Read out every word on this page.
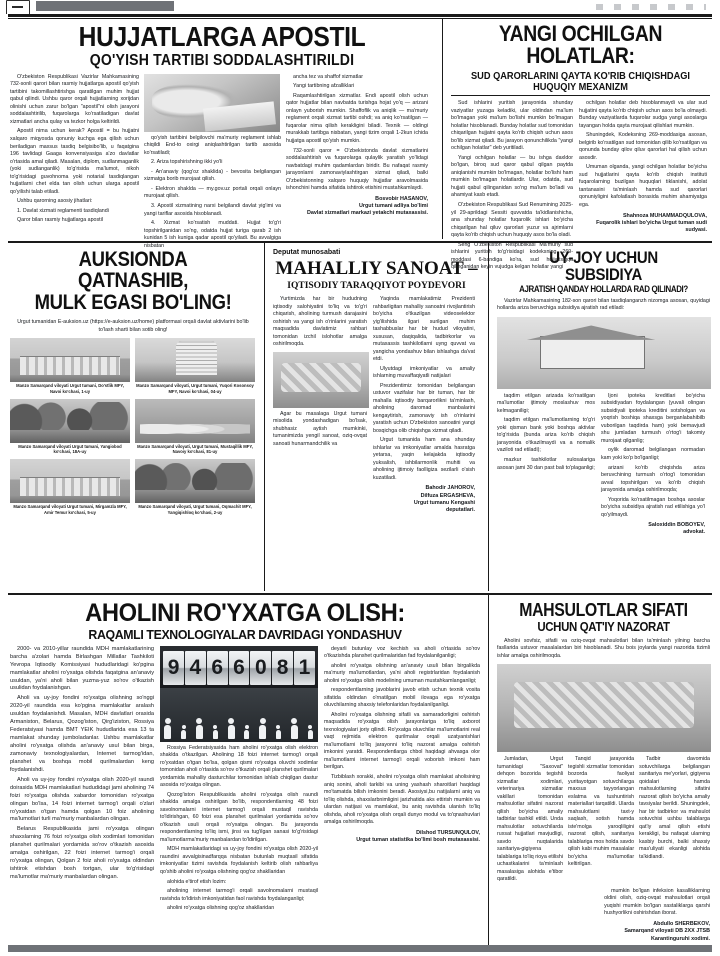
HUJJATLARGA APOSTIL
QO'YISH TARTIBI SODDALASHTIRILDI

O'zbekiston Respublikasi Vazirlar Mahkamasining 732-sonli qarori bilan rasmiy hujjatlarga apostil qo'yish tartibini takomillashtirishga qaratilgan muhim hujjat qabul qilindi. Ushbu qaror orqali hujjatlarning xorijdan olinishi uchun zarur bo'lgan "apostil"ni olish jarayoni soddalashtirilib, fuqarolarga ko'rsatiladigan davlat xizmatlari ancha qulay va tezkor holga keltirildi.

Apostil nima uchun kerak? Apostil = bu hujjatni xalqaro miqyosda qonuniy kuchga ega qilish uchun beriladigan maxsus tasdiq belgisibo'lib, u faqatgina 196 tavlidagi Gaaga konvensiyasiga a'zo davlatlar o'rtasida amal qiladi. Masalan, diplom, sudlanmaganlik (yoki sudlanganlik) to'g'risida ma'lumot, nikoh to'g'risidagi guvohnoma yoki notarial tasdiqlangan hujjatlarni chet elda tan olish uchun ularga apostil qo'yilishi talab etiladi.

Ushbu qarorning asosiy jihatlari:

1. Davlat xizmati reglamenti tasdiqlandi

Qaror bilan rasmiy hujjatlarga apostil

qo'yish tartibini belgilovchi ma'muriy reglament ishlab chiqildi End-to oxirgi aniqlashtirilgan tartib asosida ko'rsatiladi;

2. Ariza topshirishning ikki yo'li

- An'anaviy (qog'oz shaklida) - bevosita belgilangan xizmatga borib murojaat qilish.

- Elektron shaklda — my.gov.uz portali orqali onlayn murojaat qilish.

3. Apostil xizmatining narxi belgilandi davlat yig'imi va yangi tariflar asosida hisoblanadi.

4. Xizmat ko'rsatish muddati. Hujjat to'g'ri topshirilganidan so'ng, odatda hujjat turiga qarab 2 ish kunidan 5 ish kuniga qadar apostil qo'yiladi. Bu avvalgiga nisbatan

ancha tez va shaffof xizmatlar

Yangi tartibning afzalliklari

Raqamlashtirilgan xizmatlar. Endi apostil olish uchun qator hujjatlar bilan navbatda turishga hojat yo'q — arizani onlayn yuborish mumkin. Shaffoflik va aniqlik — ma'muriy reglament orqali xizmat tartibi oshdi; va aniq ko'rsatilgan — fuqarolar nima qilish kerakligini biladi. Texnik — oldingi murakkab tartibga nisbatan, yangi tizim orqali 1-2kun ichida hujjatga apostil qo'yish mumkin.

732-sonli qaror = O'zbekistonda davlat xizmatlarini soddalashtirish va fuqarolarga qulaylik yaratish yo'lidagi navbatdagi muhim qadamlardan biridir. Bu nafaqat rasmiy jarayonlarni zamonaviylashtirgan xizmat qiladi, balki O'zbekistonning xalqaro huquqiy hujjatlar aravolmasida ishonchini hamda sifatida ishtirok etishini mustahkamlaydi.

Bosvobir HASANOV,
Urgut tumani adliya bo'limi
Davlat xizmatlari markazi yetakchi mutaxassisi.
YANGI OCHILGAN HOLATLAR:
SUD QARORLARINI QAYTA KO'RIB CHIQISHDAGI HUQUQIY MEXANIZM

Sud ishlarini yuritish jarayonida shunday vaziyatlar yuzaga keladiki, ular oldindan ma'lum bo'lmagan yoki ma'lum bo'lishi mumkin bo'lmagan holatlar hisoblanadi. Bunday holatlar sud tomonidan chiqarilgan hujjatni qayta ko'rib chiqish uchun asos bo'lib xizmat qiladi. Bu jarayon qonunchilikda "yangi ochilgan holatlar" deb yuritiladi.

Yangi ochilgan holatlar — bu ishga daxldor bo'lgan, biroq sud qaror qabul qilgan paytda aniqlanishi mumkin bo'lmagan, holatlar bo'lishi ham mumkin bo'lmagan holatlardir. Ular, odatda, sud hujjati qabul qilinganidan so'ng ma'lum bo'ladi va ahamiyat kasb etadi.

O'zbekiston Respublikasi Sud Renumining 2025-yil 29-aprildagi Sessiti quvvatda ta'kidlanishicha, ana shunday holatlar fuqarolik ishlari bo'yicha chiqarilgan hal qiluv qarorlari yuzur va ajrimlarni qayta ko'rib chiqish uchun huquqiy asos bo'la oladi.

Sеng O'zbekiston Respublikasi Ma'muriy sud ishlarini yuritish to'g'risidagi kodeksning 269-moddasi 6-bandiga ko'ra, sud hujjatisiqqa qilinganidan keyin vujudga kelgan holatlar yangi

ochilgan holatlar deb hisoblanmaydi va ular sud hujjatini qayta ko'rib chiqish uchun asos bo'la olmaydi. Bunday vaziyatlarda fuqarolar sudga yangi asoslarga tayangan holda qayta murojaat qilishlari mumkin.

Shuningdek, Kodeksning 269-moddasiga asosan, belgirib ko'rsatilgan sud tomonidan qilib ko'rsatilgan va qonunda bunday qilov qiluv qarorlari hal qilish uchun asosdir.

Umuman olganda, yangi ochilgan holatlar bo'yicha sud hujjatlarini qayta ko'rib chiqish instituti fuqarolarning buzilgan huquqlari tiklanishi, adolat tantanasini ta'minlash hamda sud qarorlari qonuniyligini kafolatlash borasida muhim ahamiyatga ega.

Shahnoza MUHAMMADQULOVA,
Fuqarolik ishlari bo'yicha Urgut tuman sudi sudyasi.
AUKSIONDA QATNASHIB,
MULK EGASI BO'LING!

Urgut tumanidan E-auksion.uz (https://e-auksion.uz/home) platformasi orqali davlat aktivlarini bo'lib to'lash sharti bilan sotib oling!

Manzo Samarqand viloyati Urgut tumani, Do'stlik MFY, Navoi ko'chasi, 1-uy
Manzo Samarqand viloyati, Urgut tumani, Yuqori Kosonsoy MFY, Navoi ko'chasi, 04-uy
Manzo Samarqand viloyati Urgut tumani, Yangiobod ko'chasi, 18A-uy
Manzo Samarqand viloyati, Urgut tumani, Mustaqillik MFY, Navoiy ko'chasi, 81-uy
Manzo Samarqand viloyati Urgut tumani, Mirgamzla MFY, Amir Temur ko'chasi, 5-uy
Manzo Samarqand viloyati, Urgut tumani, Oqmachit MFY, Yangiqishloq ko'chasi, 2-uy
Deputat munosabati
MAHALLIY SANOAT –
IQTISODIY TARAQQIYOT POYDEVORI

Yurtimizda har bir hududning iqtisodiy salohiyatini to'liq va to'g'ri chiqarish, aholining turmush darajasini oshirish va yangi ish o'rinlarini yaratish maqsadida davlatimiz rahbari tomonidan izchil islohotlar amalga oshirilmoqda.

Agar bu masalaga Urgut tumani misolida yondashadigan bo'lsak, shubhasiz aytish mumkinki, tumanimizda yengil sanoat, oziq-ovqat sanoati hunarmandchilik va

Yaqinda mamlakatimiz Prezidenti rahbarligitan mahalliy sanoatni rivojlantirish bo'yicha o'tkazilgan videoselektor yig'ilishida ilgari surilgan muhim tashabbuslar har bir hudud viloyatini, xususan, daqiqalida, tadbirkorlar va mutaxassis tashkilotlarni uyng quvvat va yangicha yondashuv bilan ishlashga da'vat etdi.

Ulyutdagi imkoniyatlar va amaliy ishlarning muvaffaqiyatli natijalari

Prezidentimiz tomonidan belgilangan ustuvor vazifalar har bir tuman, har bir mahalla iqtisodiy barqarorlikni ta'minlash, aholining daromad manbalarini kengaytirish, zamonaviy ish o'rinlarini yaratish uchun O'zbekiston sanoatini yangi bosqichga olib chiqishga xizmat qiladi.

Urgut tumanida ham ana shunday ishlarlar va imkoniyatlar amalda hasratga yetarsa, yaqin kelajakda iqtisodiy yuksalish, ishbilarmonlik muhiti va aholining ijtimoiy faolligiza sezilarli o'sish kuzatiladi.

Bahodir JAHOROV,
Dilfuza ERGASHEVA,
Urgut tumanu Kengashi
deputatlari.
UY-JOY UCHUN SUBSIDIYA
AJRATISH QANDAY HOLLARDA RAD QILINADI?

Vazirlar Mahkamasining 182-son qarori bilan tasdiqlanganzh nizomga asosan, quyidagi hollarda ariza beruvchiga subsidiya ajratish rad etiladi:

taqdim etilgan arizada ko'rsatilgan ma'lumotlar ijtimoiy moslashuv mos kelmaganiligi;

taqdim etilgan ma'lumotlarning to'g'ri yoki qisman bank yoki boshqa aktivlar to'g'risida (bunda ariza ko'rib chiqish jarayonida o'tkazilmaydi va a nomalik vaziloti rad etiladi);

mazkur tashkilotlar xulosalariga asosan jami 30 dan past bali to'plaganligi;

Ijoni ipoteka kreditlari bo'yicha subsidiyadan foydalangan (yuvali olingan subsidiyali ipoteka kreditini sotsholgan va yoqrish boshiqa shaxsga berganlabahibilb vuborilgan taqdirda ham) yoki bemavjudi shu jumladan turmush o'rtog'i takomiy murojaat qilganlig;

oylik daromad belgilangan normadan kam yoki ko'p bo'lganligi;

arizani ko'rib chiqishda ariza beruvchining turmush o'rtog'i tomonidan avval topshirilgan va ko'rib chiqish jarayonida amalga oshirilmoqda;

Yoqorida ko'rsatilmagan boshqa asoslar bo'yicha subsidiya ajratish rad etilishiga yo'l qo'yilmaydi.

Saloxiddin BOBOYEV,
advokat.
AHOLINI RO'YXATGA OLISH:
RAQAMLI TEXNOLOGIYALAR DAVRIDAGI YONDASHUV

2000- va 2010-yillar raundida MDH mamlakatlarining barcha a'zolari hamda Birlashgan Millatlar Tashkiloti Yevropa Iqtisodiy Komissiyasi hududlaridagi ko'pgina mamlakatlar aholini ro'yxatga olishda faqatgina an'anaviy usuldan, ya'ni aholi bilan yuzma-yuz so'rov o'tkazish usulidan foydalanishgan.

Aholi va uy-joy fondini ro'yxatga olishning so'nggi 2020-yil raundida esa ko'pgina mamlakatlar aralash usuldan foydalanishdi. Masalan, MDH davlatlari orasida Armaniston, Belarus, Qozog'iston, Qirg'iziston, Rossiya Federatsiyasi hamda BMT YEIK hududlarida esa 13 ta mamlakat shunday jumboladanlar. Ushbu mamlakatlar aholini ro'yxatga olishda an'anaviy usul bilan birga, zamonaviy texnologiyalardan, Internet tarmog'idan, planshet va boshqa mobil qurilmalardan keng foydalanishdi.

Aholi va uy-joy fondini ro'yxatga olish 2020-yil raundi doirasida MDH mamlakatlari hududidagi jami aholining 74 foizi ro'yxatga olishda xabardor tomonidan ro'yxatga olingan bo'lsa, 14 foizi internet tarmog'i orqali o'zlari ro'yxatdan o'tgan hamda qolgan 10 foiz aholining ma'lumotlari turli ma'muriy manbalardan olingan.

Belarus Respublikasida jami ro'yxatga olingan shaxslarning 76 foizi ro'yxatga olish xodimlari tomonidan planshet qurilmalari yordamida so'rov o'tkazish asosida amalga oshirilgan, 22 foizi internet tarmog'i orqali ro'yxatga olingan, Qolgan 2 foiz aholi ro'yxatga oldindan ishtirok etishdan bosh tortgan, ular to'g'risidagi ma'lumotlar ma'muriy manbalardan olingan.

9 4 6 6 0 8 1

Rossiya Federatsiyasida ham aholini ro'yxatga olish elektron shaklda o'tkazilgan. Aholining 18 foizi internet tarmog'i orqali ro'yxatdan o'tgan bo'lsa, qolgan qismi ro'yxatga oluvchi xodimlar tomonidan aholi o'rtasida so'rov o'tkazish orqali planshet qurilmalari yordamida mahalliy dasturchilar tomonidan ishlab chiqilgan dastur asosida ro'yxatga olingan.

Qozog'iston Respublikasida aholini ro'yxatga olish raundi shaklda amalga oshirilgan bo'lib, respondentlarning 48 foizi savolnomalarni internet tarmog'i orqali mustaqil ravishda to'ldirishgan, 60 foizi esa planshet qurilmalari yordamida so'rov o'tkazish usuli orqali ro'yxatga olingan. Bu jarayonda respondentlarning to'liq ismi, jinsi va tug'ilgan sanasi to'g'risidagi ma'lumotlarma'muriy manbalardan to'ldirilgan.

MDH mamlakatlaridagi va uy-joy fondini ro'yxatga olish 2020-yil raundini avvalgisinadfarqqa nisbatan butunlab muqtasil sifatida imkoniyatlar tizimi ravishda foydalanish keltirib olish rahbarliya qo'shib aholini ro'yxatga olishning qog'oz shakllaridan

alohida e'tirof etish lozim:

aholining internet tarmog'i orqali savolnomalarni mustaqil ravishda to'ldirish imkoniyatidan faol ravishda foydalanganligi;

aholini ro'yxatga olishning qog'oz shakllaridan

deyarli butunlay voz kechish va aholi o'rtasida so'rov o'tkazishda planshet qurilmalaridan fad foydalanilganligi;

aholini ro'yxatga olishning an'anaviy usuli bilan birgalikda ma'muriy ma'lumotlardan, ya'ni aholi registrlaridan foydalanish aholini ro'yxatga olish modelining umuman mustahkamlanganligi;

respondentlarning javoblarini javob etish uchun texnik vosita sifatida oldindan o'rnatilgan mobil ilovaga ega ro'yxatga oluvchilarning shaxsiy telefonlaridan foydalanilganligi.

Aholini ro'yxatga olishning sifatli va samaradorligini oshirish maqsadida ro'yxatga olish jarayonlariga to'liq axborot texnologiyalari joriy qilindi. Ro'yxatga oluvchilar ma'lumotlarini real vaqt rejimida elektron qurilmalar orqali uzatyanishlari ma'lumotlarni to'liq jarayonni to'liq nazorat amalga oshirish imkonini yaratdi. Respondentlarga chbol haqidagi ahvasga olor ma'lumotlarni internet tarmog'i orqali voborish imkoni ham berilgan.

Tizbiblash xorakki, aholini ro'yxatga olish mamlakat aholisining aniq sonini, aholi tarkibi va uning yashash sharoitlari haqidagi mo'tamatda bilish imkonini beradi. Asosiysi,bu natijalarni aniq va to'liq olishda, shaxslarbnimligini jarizhatida aks ettirish mumkin va ulardan natijasi va mamlakat, bu aniq ravishda ulanish to'liq olishda, aholi ro'yxatga olish orqali dunyo modul va to'qnashuvlari amalga oshirilmoqda.

Dilshod TURSUNQULOV,
Urgut tuman statistika bo'limi bosh mutaxassisi.
MAHSULOTLAR SIFATI
UCHUN QAT'IY NAZORAT

Aholini sovfsiz, sifatli va oziq-ovqat mahsulotlari bilan ta'minlash yilning barcha fasllarida ustuvor masalalardan biri hisoblanadi. Shu bois joylarda yangi nazorida tizimli ishlar amalga oshirilmoqda.

Jumladan, Urgut tumanidagi "Saxovat" dehqon bozorida tegishli xizmatlar xodimlari, veterinariya xizmatlar vakillari tomonidan mahsulotlar sifatini nazorat qilish bo'yicha amaliy tadbirlar tashkil etildi. Unda mahsulotlar sotuvchilarda ruxsat hujjatlari mavjudligi, savdo nuqtalarida sanitariya-gigiyena talablariga to'liq rioya etilishi uchastkalarini ta'minlash masalasiga alohida e'tibor qaratildi.

Tanqid jarayonida tegishli xizmatlar tomonidan bozorda faoliyat yuritayotgan sotuvchilarga maxsus tayyorlangan eslatma va tushuntirish materiallari tarqatildi. Ularda mahsulotlarni taxt-y saqlash, sotish hamda iste'molga yaroqliligini nazorat qilish, sanitariya talablariga mos holda savdo qilish kabi muhim masalalar bo'yicha ma'lumotlar keltirilgan.

Tadbir davomida sotuvchilarga belgilangan sanitariya me'yorlari, gigiyena qoidalari hamda mahsulotlarning sifatini nazorat qilish bo'yicha amaliy tavsiyalar berildi. Shuningdek, har bir tadbirkor va mahsulot sotuvchisi ushbu talablarga qat'iy amal qilish etishi kerakligi, bu nafaqat ularning kasbiy burchi, balki shaxsiy mas'uliyati ekanligi alohida ta'kidlandi.

mumkin bo'lgan infeksion kasalliklarning oldini olish, oziq-ovqat mahsulotlari orqali yuqishi mumkin bo'lgan xastaliklarga qarshi hushyorlikni oshirishdan iborat.

Abdullo SHERBEKOV,
Samarqand viloyati DB 2XX JTSB
Karantinguruhi xodimi.
